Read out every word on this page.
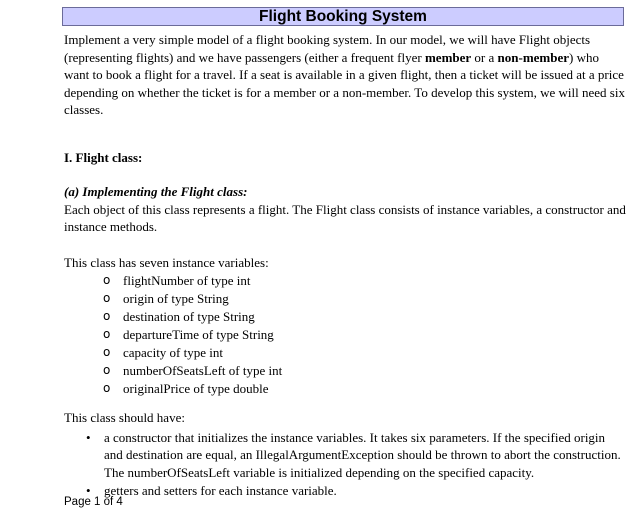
Flight Booking System

Implement a very simple model of a flight booking system. In our model, we will have Flight objects (representing flights) and we have passengers (either a frequent flyer member or a non-member) who want to book a flight for a travel. If a seat is available in a given flight, then a ticket will be issued at a price depending on whether the ticket is for a member or a non-member. To develop this system, we will need six classes.

I. Flight class:

(a) Implementing the Flight class:

Each object of this class represents a flight. The Flight class consists of instance variables, a constructor and instance methods.

This class has seven instance variables:

o flightNumber of type int
o origin of type String
o destination of type String
o departureTime of type String
o capacity of type int
o numberOfSeatsLeft of type int
o originalPrice of type double

This class should have:

• a constructor that initializes the instance variables. It takes six parameters. If the specified origin and destination are equal, an IllegalArgumentException should be thrown to abort the construction. The numberOfSeatsLeft variable is initialized depending on the specified capacity.
• getters and setters for each instance variable.
Page 1 of 4
